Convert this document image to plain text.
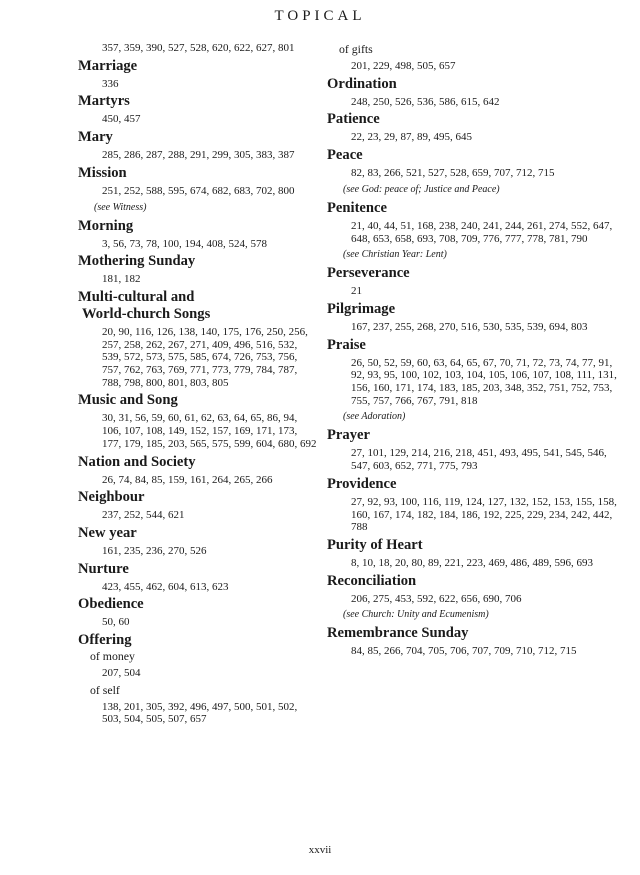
TOPICAL
357, 359, 390, 527, 528, 620, 622, 627, 801
Marriage
336
Martyrs
450, 457
Mary
285, 286, 287, 288, 291, 299, 305, 383, 387
Mission
251, 252, 588, 595, 674, 682, 683, 702, 800
(see Witness)
Morning
3, 56, 73, 78, 100, 194, 408, 524, 578
Mothering Sunday
181, 182
Multi-cultural and
World-church Songs
20, 90, 116, 126, 138, 140, 175, 176, 250, 256, 257, 258, 262, 267, 271, 409, 496, 516, 532, 539, 572, 573, 575, 585, 674, 726, 753, 756, 757, 762, 763, 769, 771, 773, 779, 784, 787, 788, 798, 800, 801, 803, 805
Music and Song
30, 31, 56, 59, 60, 61, 62, 63, 64, 65, 86, 94, 106, 107, 108, 149, 152, 157, 169, 171, 173, 177, 179, 185, 203, 565, 575, 599, 604, 680, 692
Nation and Society
26, 74, 84, 85, 159, 161, 264, 265, 266
Neighbour
237, 252, 544, 621
New year
161, 235, 236, 270, 526
Nurture
423, 455, 462, 604, 613, 623
Obedience
50, 60
Offering
of money
207, 504
of self
138, 201, 305, 392, 496, 497, 500, 501, 502, 503, 504, 505, 507, 657
of gifts
201, 229, 498, 505, 657
Ordination
248, 250, 526, 536, 586, 615, 642
Patience
22, 23, 29, 87, 89, 495, 645
Peace
82, 83, 266, 521, 527, 528, 659, 707, 712, 715
(see God: peace of; Justice and Peace)
Penitence
21, 40, 44, 51, 168, 238, 240, 241, 244, 261, 274, 552, 647, 648, 653, 658, 693, 708, 709, 776, 777, 778, 781, 790
(see Christian Year: Lent)
Perseverance
21
Pilgrimage
167, 237, 255, 268, 270, 516, 530, 535, 539, 694, 803
Praise
26, 50, 52, 59, 60, 63, 64, 65, 67, 70, 71, 72, 73, 74, 77, 91, 92, 93, 95, 100, 102, 103, 104, 105, 106, 107, 108, 111, 131, 156, 160, 171, 174, 183, 185, 203, 348, 352, 751, 752, 753, 755, 757, 766, 767, 791, 818
(see Adoration)
Prayer
27, 101, 129, 214, 216, 218, 451, 493, 495, 541, 545, 546, 547, 603, 652, 771, 775, 793
Providence
27, 92, 93, 100, 116, 119, 124, 127, 132, 152, 153, 155, 158, 160, 167, 174, 182, 184, 186, 192, 225, 229, 234, 242, 442, 788
Purity of Heart
8, 10, 18, 20, 80, 89, 221, 223, 469, 486, 489, 596, 693
Reconciliation
206, 275, 453, 592, 622, 656, 690, 706
(see Church: Unity and Ecumenism)
Remembrance Sunday
84, 85, 266, 704, 705, 706, 707, 709, 710, 712, 715
xxvii
